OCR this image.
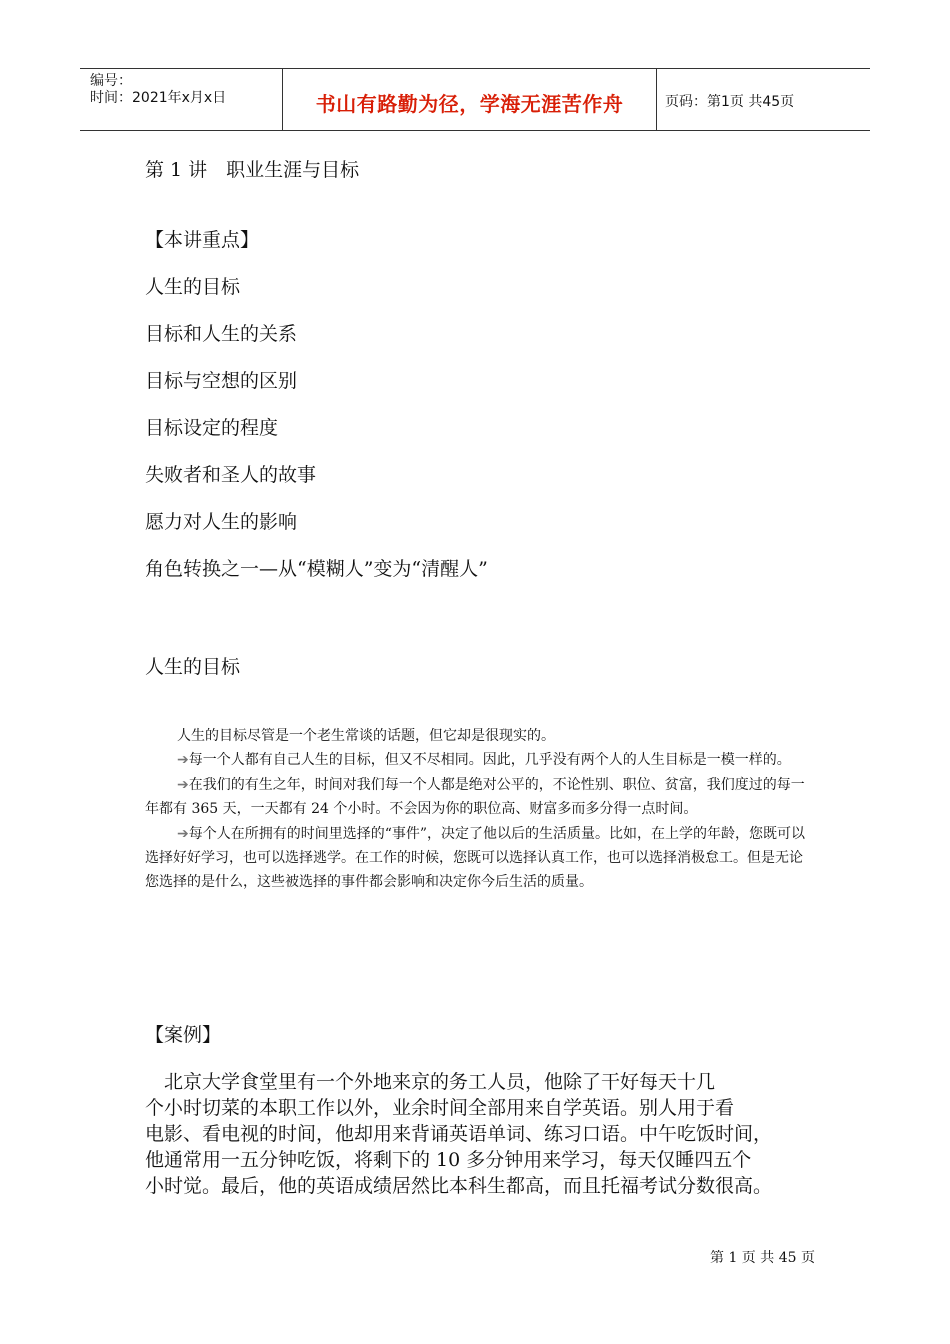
编号：
时间：2021年x月x日	书山有路勤为径，学海无涯苦作舟	页码：第1页 共45页
第 1 讲　职业生涯与目标
【本讲重点】
人生的目标
目标和人生的关系
目标与空想的区别
目标设定的程度
失败者和圣人的故事
愿力对人生的影响
角色转换之一—从“模糊人”变为“清醒人”
人生的目标

人生的目标尽管是一个老生常谈的话题，但它却是很现实的。

➔每一个人都有自己人生的目标，但又不尽相同。因此，几乎没有两个人的人生目标是一模一样的。

➔在我们的有生之年，时间对我们每一个人都是绝对公平的，不论性别、职位、贫富，我们度过的每一年都有 365 天，一天都有 24 个小时。不会因为你的职位高、财富多而多分得一点时间。

➔每个人在所拥有的时间里选择的“事件”，决定了他以后的生活质量。比如，在上学的年龄，您既可以选择好好学习，也可以选择逃学。在工作的时候，您既可以选择认真工作，也可以选择消极怠工。但是无论您选择的是什么，这些被选择的事件都会影响和决定你今后生活的质量。

【案例】
　北京大学食堂里有一个外地来京的务工人员，他除了干好每天十几
个小时切菜的本职工作以外，业余时间全部用来自学英语。别人用于看
电影、看电视的时间，他却用来背诵英语单词、练习口语。中午吃饭时间，
他通常用一五分钟吃饭，将剩下的 10 多分钟用来学习，每天仅睡四五个
小时觉。最后，他的英语成绩居然比本科生都高，而且托福考试分数很高。
第 1 页 共 45 页
